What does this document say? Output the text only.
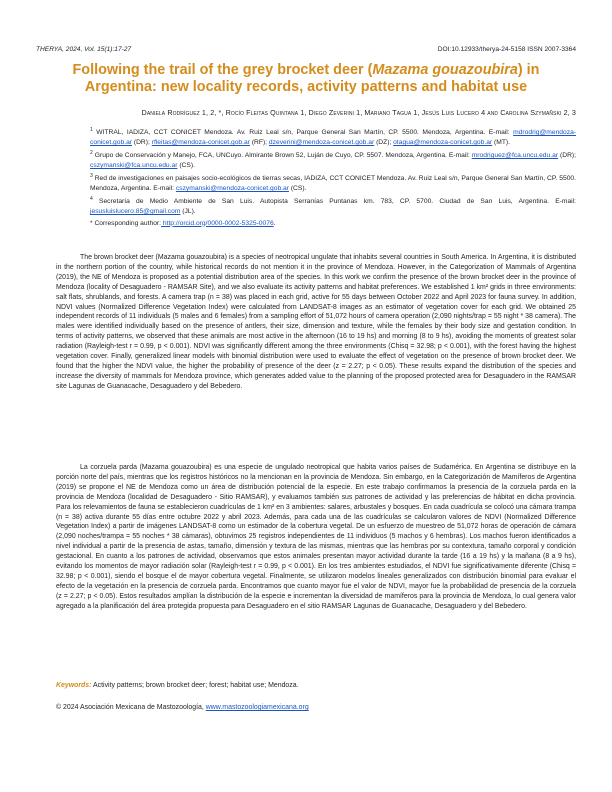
THERYA, 2024, Vol. 15(1):17-27	DOI:10.12933/therya-24-5158 ISSN 2007-3364
Following the trail of the grey brocket deer (Mazama gouazoubira) in Argentina: new locality records, activity patterns and habitat use
Daniela Rodríguez 1, 2, *, Rocío Fleitas Quintana 1, Diego Zeverini 1, Mariano Tagua 1, Jesús Luis Lucero 4 and Carolina Szymañski 2, 3
$^1$ WITRAL, IADIZA, CCT CONICET Mendoza. Av. Ruiz Leal s/n, Parque General San Martín, CP. 5500. Mendoza, Argentina. E-mail: mdrodrig@mendoza-conicet.gob.ar (DR); rfleitas@mendoza-conicet.gob.ar (RF); dzeverini@mendoza-conicet.gob.ar (DZ); otagua@mendoza-conicet.gob.ar (MT).
$^2$ Grupo de Conservación y Manejo, FCA, UNCuyo. Almirante Brown 52, Luján de Cuyo, CP. 5507. Mendoza, Argentina. E-mail: mrodriguez@fca.uncu.edu.ar (DR); cszymanski@fca.uncu.edu.ar (CS).
$^3$ Red de investigaciones en paisajes socio-ecológicos de tierras secas, IADIZA, CCT CONICET Mendoza. Av. Ruiz Leal s/n, Parque General San Martín, CP. 5500. Mendoza, Argentina. E-mail: cszymanski@mendoza-conicet.gob.ar (CS).
$^4$ Secretaría de Medio Ambiente de San Luis. Autopista Serranías Puntanas km. 783, CP. 5700. Ciudad de San Luis, Argentina. E-mail: jesusluislucero.85@gmail.com (JL).
* Corresponding author: http://orcid.org/0000-0002-5325-0076.

The brown brocket deer (Mazama gouazoubira) is a species of neotropical ungulate that inhabits several countries in South America. In Argentina, it is distributed in the northern portion of the country, while historical records do not mention it in the province of Mendoza. However, in the Categorization of Mammals of Argentina (2019), the NE of Mendoza is proposed as a potential distribution area of the species. In this work we confirm the presence of the brown brocket deer in the province of Mendoza (locality of Desaguadero - RAMSAR Site), and we also evaluate its activity patterns and habitat preferences. We established 1 km² grids in three environments: salt flats, shrublands, and forests. A camera trap (n = 38) was placed in each grid, active for 55 days between October 2022 and April 2023 for fauna survey. In addition, NDVI values (Normalized Difference Vegetation Index) were calculated from LANDSAT-8 images as an estimator of vegetation cover for each grid. We obtained 25 independent records of 11 individuals (5 males and 6 females) from a sampling effort of 51,072 hours of camera operation (2,090 nights/trap = 55 night * 38 camera). The males were identified individually based on the presence of antlers, their size, dimension and texture, while the females by their body size and gestation condition. In terms of activity patterns, we observed that these animals are most active in the afternoon (16 to 19 hs) and morning (8 to 9 hs), avoiding the moments of greatest solar radiation (Rayleigh-test r = 0.99, p < 0.001). NDVI was significantly different among the three environments (Chisq = 32.98; p < 0.001), with the forest having the highest vegetation cover. Finally, generalized linear models with binomial distribution were used to evaluate the effect of vegetation on the presence of brown brocket deer. We found that the higher the NDVI value, the higher the probability of presence of the deer (z = 2.27; p < 0.05). These results expand the distribution of the species and increase the diversity of mammals for Mendoza province, which generates added value to the planning of the proposed protected area for Desaguadero in the RAMSAR site Lagunas de Guanacache, Desaguadero y del Bebedero.

La corzuela parda (Mazama gouazoubira) es una especie de ungulado neotropical que habita varios países de Sudamérica. En Argentina se distribuye en la porción norte del país, mientras que los registros históricos no la mencionan en la provincia de Mendoza. Sin embargo, en la Categorización de Mamíferos de Argentina (2019) se propone el NE de Mendoza como un área de distribución potencial de la especie. En este trabajo confirmamos la presencia de la corzuela parda en la provincia de Mendoza (localidad de Desaguadero - Sitio RAMSAR), y evaluamos también sus patrones de actividad y las preferencias de hábitat en dicha provincia. Para los relevamientos de fauna se establecieron cuadrículas de 1 km² en 3 ambientes: salares, arbustales y bosques. En cada cuadrícula se colocó una cámara trampa (n = 38) activa durante 55 días entre octubre 2022 y abril 2023. Además, para cada una de las cuadrículas se calcularon valores de NDVI (Normalized Difference Vegetation Index) a partir de imágenes LANDSAT-8 como un estimador de la cobertura vegetal. De un esfuerzo de muestreo de 51,072 horas de operación de cámara (2,090 noches/trampa = 55 noches * 38 cámaras), obtuvimos 25 registros independientes de 11 individuos (5 machos y 6 hembras). Los machos fueron identificados a nivel individual a partir de la presencia de astas, tamaño, dimensión y textura de las mismas, mientras que las hembras por su contextura, tamaño corporal y condición gestacional. En cuanto a los patrones de actividad, observamos que estos animales presentan mayor actividad durante la tarde (16 a 19 hs) y la mañana (8 a 9 hs), evitando los momentos de mayor radiación solar (Rayleigh-test r = 0.99, p < 0.001). En los tres ambientes estudiados, el NDVI fue significativamente diferente (Chisq = 32.98; p < 0.001), siendo el bosque el de mayor cobertura vegetal. Finalmente, se utilizaron modelos lineales generalizados con distribución binomial para evaluar el efecto de la vegetación en la presencia de corzuela parda. Encontramos que cuanto mayor fue el valor de NDVI, mayor fue la probabilidad de presencia de la corzuela (z = 2.27; p < 0.05). Estos resultados amplían la distribución de la especie e incrementan la diversidad de mamíferos para la provincia de Mendoza, lo cual genera valor agregado a la planificación del área protegida propuesta para Desaguadero en el sitio RAMSAR Lagunas de Guanacache, Desaguadero y del Bebedero.

Keywords: Activity patterns; brown brocket deer; forest; habitat use; Mendoza.
© 2024 Asociación Mexicana de Mastozoología, www.mastozoologiamexicana.org
